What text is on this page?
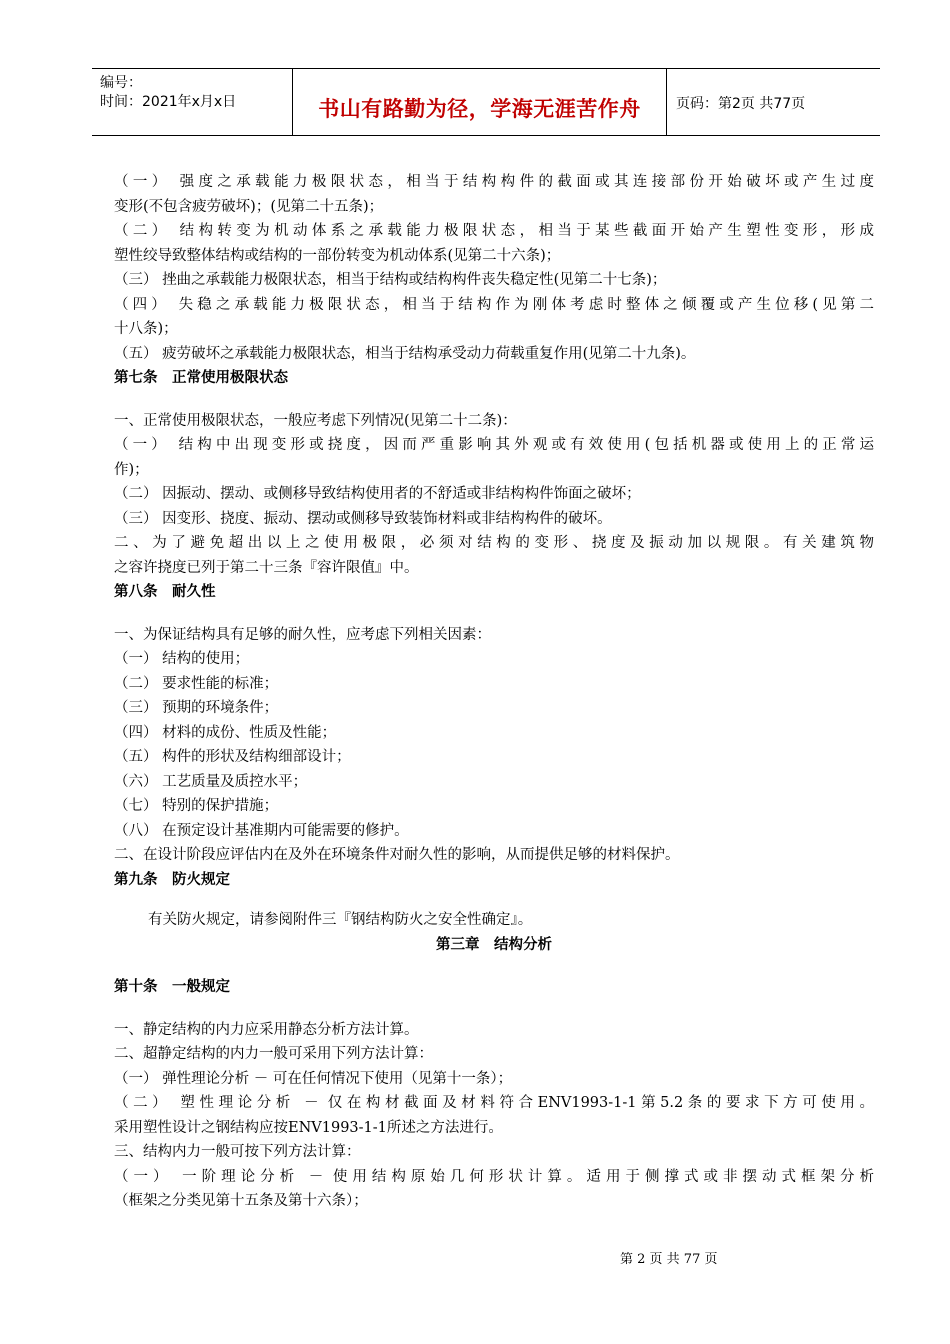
编号：
时间：2021年x月x日	书山有路勤为径，学海无涯苦作舟	页码：第2页 共77页
（一） 强度之承载能力极限状态，相当于结构构件的截面或其连接部份开始破坏或产生过度
变形(不包含疲劳破坏)；(见第二十五条)；
（二） 结构转变为机动体系之承载能力极限状态，相当于某些截面开始产生塑性变形，形成
塑性绞导致整体结构或结构的一部份转变为机动体系(见第二十六条)；
（三） 挫曲之承载能力极限状态，相当于结构或结构构件丧失稳定性(见第二十七条)；
（四） 失稳之承载能力极限状态，相当于结构作为刚体考虑时整体之倾覆或产生位移(见第二
十八条)；
（五） 疲劳破坏之承载能力极限状态，相当于结构承受动力荷载重复作用(见第二十九条)。
第七条　正常使用极限状态
一、正常使用极限状态，一般应考虑下列情况(见第二十二条)：
（一） 结构中出现变形或挠度，因而严重影响其外观或有效使用(包括机器或使用上的正常运
作)；
（二） 因振动、摆动、或侧移导致结构使用者的不舒适或非结构构件饰面之破坏；
（三） 因变形、挠度、振动、摆动或侧移导致装饰材料或非结构构件的破坏。
二、为了避免超出以上之使用极限，必须对结构的变形、挠度及振动加以规限。有关建筑物
之容许挠度已列于第二十三条『容许限值』中。
第八条　耐久性
一、为保证结构具有足够的耐久性，应考虑下列相关因素：
（一） 结构的使用；
（二） 要求性能的标准；
（三） 预期的环境条件；
（四） 材料的成份、性质及性能；
（五） 构件的形状及结构细部设计；
（六） 工艺质量及质控水平；
（七） 特别的保护措施；
（八） 在预定设计基准期内可能需要的修护。
二、在设计阶段应评估内在及外在环境条件对耐久性的影响，从而提供足够的材料保护。
第九条　防火规定
有关防火规定，请参阅附件三『钢结构防火之安全性确定』。
第三章　结构分析
第十条　一般规定
一、静定结构的内力应采用静态分析方法计算。
二、超静定结构的内力一般可采用下列方法计算：
（一） 弹性理论分析 － 可在任何情况下使用（见第十一条）；
（二） 塑性理论分析 － 仅在构材截面及材料符合ENV1993-1-1第5.2条的要求下方可使用。
采用塑性设计之钢结构应按ENV1993-1-1所述之方法进行。
三、结构内力一般可按下列方法计算：
（一） 一阶理论分析 － 使用结构原始几何形状计算。适用于侧撑式或非摆动式框架分析
（框架之分类见第十五条及第十六条）；
第 2 页 共 77 页
